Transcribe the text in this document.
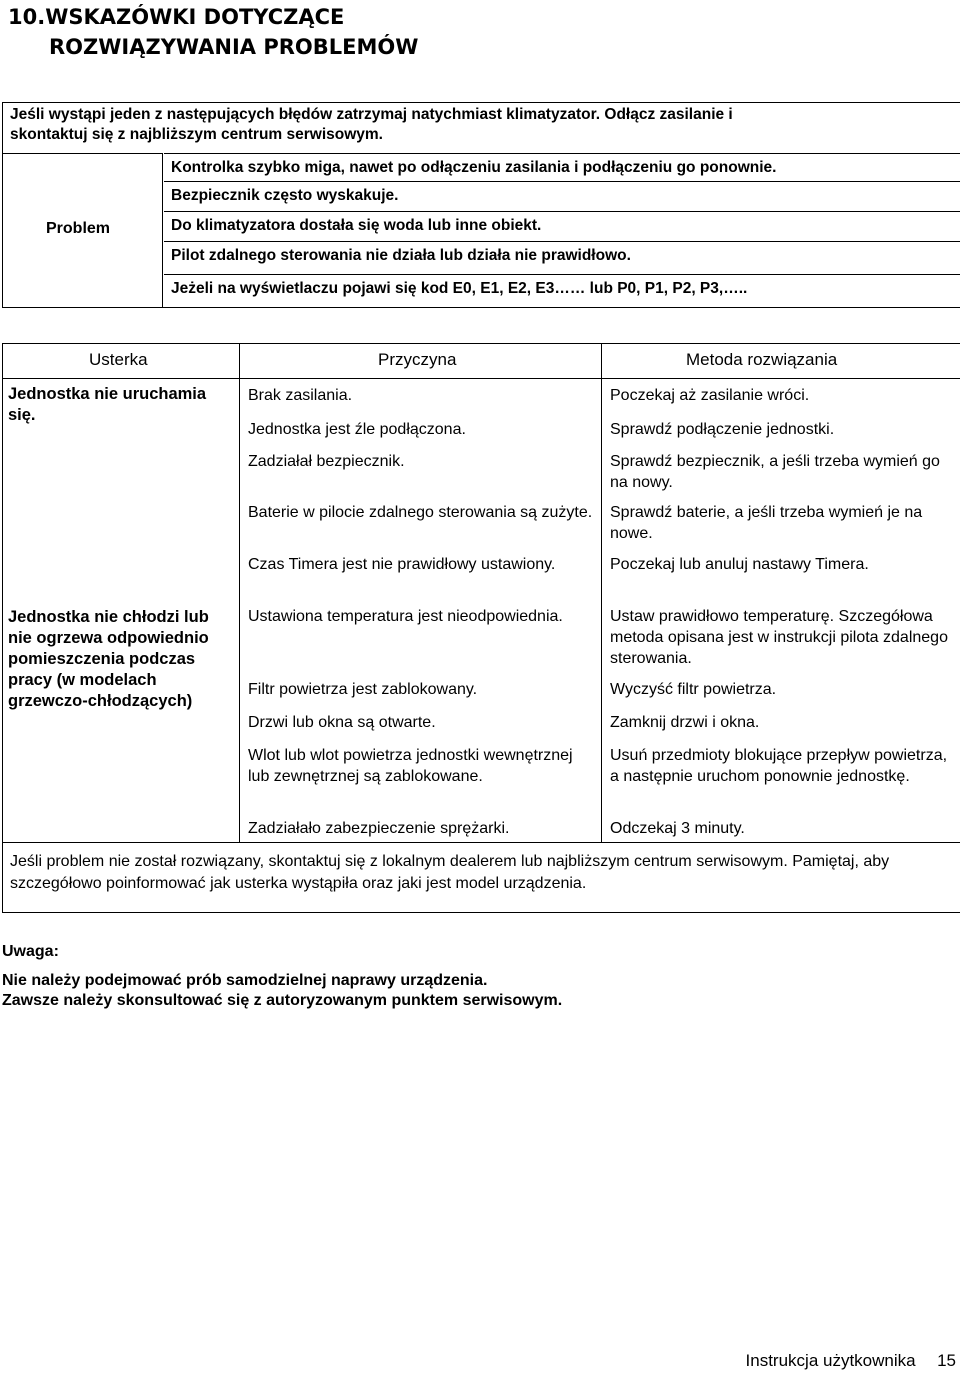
10.WSKAZÓWKI DOTYCZĄCE
ROZWIĄZYWANIA PROBLEMÓW
Jeśli wystąpi jeden z następujących błędów zatrzymaj natychmiast klimatyzator. Odłącz zasilanie i skontaktuj się z najbliższym centrum serwisowym.
Problem
Kontrolka szybko miga, nawet po odłączeniu zasilania i podłączeniu go ponownie.
Bezpiecznik często wyskakuje.
Do klimatyzatora dostała się woda lub inne obiekt.
Pilot zdalnego sterowania nie działa lub działa nie prawidłowo.
Jeżeli na wyświetlaczu pojawi się kod E0, E1, E2, E3…… lub P0, P1, P2, P3,…..
Usterka	Przyczyna	Metoda rozwiązania
Jednostka nie uruchamia się.
Jednostka nie chłodzi lub nie ogrzewa odpowiednio pomieszczenia podczas pracy (w modelach grzewczo-chłodzących)
Brak zasilania.
Jednostka jest źle podłączona.
Zadziałał bezpiecznik.
Baterie w pilocie zdalnego sterowania są zużyte.
Czas Timera jest nie prawidłowy ustawiony.
Ustawiona temperatura jest nieodpowiednia.
Filtr powietrza jest zablokowany.
Drzwi lub okna są otwarte.
Wlot lub wlot powietrza jednostki wewnętrznej lub zewnętrznej są zablokowane.
Zadziałało zabezpieczenie sprężarki.
Poczekaj aż zasilanie wróci.
Sprawdź podłączenie jednostki.
Sprawdź bezpiecznik, a jeśli trzeba wymień go na nowy.
Sprawdź baterie, a jeśli trzeba wymień je na nowe.
Poczekaj lub anuluj nastawy Timera.
Ustaw prawidłowo temperaturę. Szczegółowa metoda opisana jest w instrukcji pilota zdalnego sterowania.
Wyczyść filtr powietrza.
Zamknij drzwi i okna.
Usuń przedmioty blokujące przepływ powietrza, a następnie uruchom ponownie jednostkę.
Odczekaj 3 minuty.
Jeśli problem nie został rozwiązany, skontaktuj się z lokalnym dealerem lub najbliższym centrum serwisowym. Pamiętaj, aby szczegółowo poinformować jak usterka wystąpiła oraz jaki jest model urządzenia.
Uwaga:
Nie należy podejmować prób samodzielnej naprawy urządzenia.
Zawsze należy skonsultować się z autoryzowanym punktem serwisowym.
Instrukcja użytkownika 15
